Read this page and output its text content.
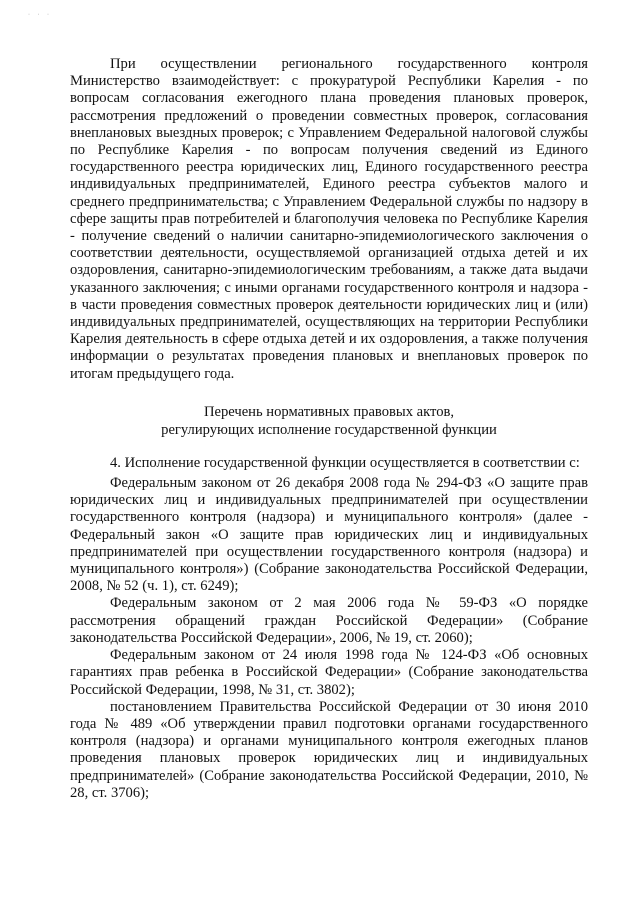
· · ·

При осуществлении регионального государственного контроля Министерство взаимодействует: с прокуратурой Республики Карелия - по вопросам согласования ежегодного плана проведения плановых проверок, рассмотрения предложений о проведении совместных проверок, согласования внеплановых выездных проверок; с Управлением Федеральной налоговой службы по Республике Карелия - по вопросам получения сведений из Единого государственного реестра юридических лиц, Единого государственного реестра индивидуальных предпринимателей, Единого реестра субъектов малого и среднего предпринимательства; с Управлением Федеральной службы по надзору в сфере защиты прав потребителей и благополучия человека по Республике Карелия - получение сведений о наличии санитарно-эпидемиологического заключения о соответствии деятельности, осуществляемой организацией отдыха детей и их оздоровления, санитарно-эпидемиологическим требованиям, а также дата выдачи указанного заключения; с иными органами государственного контроля и надзора - в части проведения совместных проверок деятельности юридических лиц и (или) индивидуальных предпринимателей, осуществляющих на территории Республики Карелия деятельность в сфере отдыха детей и их оздоровления, а также получения информации о результатах проведения плановых и внеплановых проверок по итогам предыдущего года.

Перечень нормативных правовых актов,

регулирующих исполнение государственной функции

4. Исполнение государственной функции осуществляется в соответствии с:

Федеральным законом от 26 декабря 2008 года № 294-ФЗ «О защите прав юридических лиц и индивидуальных предпринимателей при осуществлении государственного контроля (надзора) и муниципального контроля» (далее - Федеральный закон «О защите прав юридических лиц и индивидуальных предпринимателей при осуществлении государственного контроля (надзора) и муниципального контроля») (Собрание законодательства Российской Федерации, 2008, № 52 (ч. 1), ст. 6249);

Федеральным законом от 2 мая 2006 года № 59-ФЗ «О порядке рассмотрения обращений граждан Российской Федерации» (Собрание законодательства Российской Федерации», 2006, № 19, ст. 2060);

Федеральным законом от 24 июля 1998 года № 124-ФЗ «Об основных гарантиях прав ребенка в Российской Федерации» (Собрание законодательства Российской Федерации, 1998, № 31, ст. 3802);

постановлением Правительства Российской Федерации от 30 июня 2010 года № 489 «Об утверждении правил подготовки органами государственного контроля (надзора) и органами муниципального контроля ежегодных планов проведения плановых проверок юридических лиц и индивидуальных предпринимателей» (Собрание законодательства Российской Федерации, 2010, № 28, ст. 3706);
